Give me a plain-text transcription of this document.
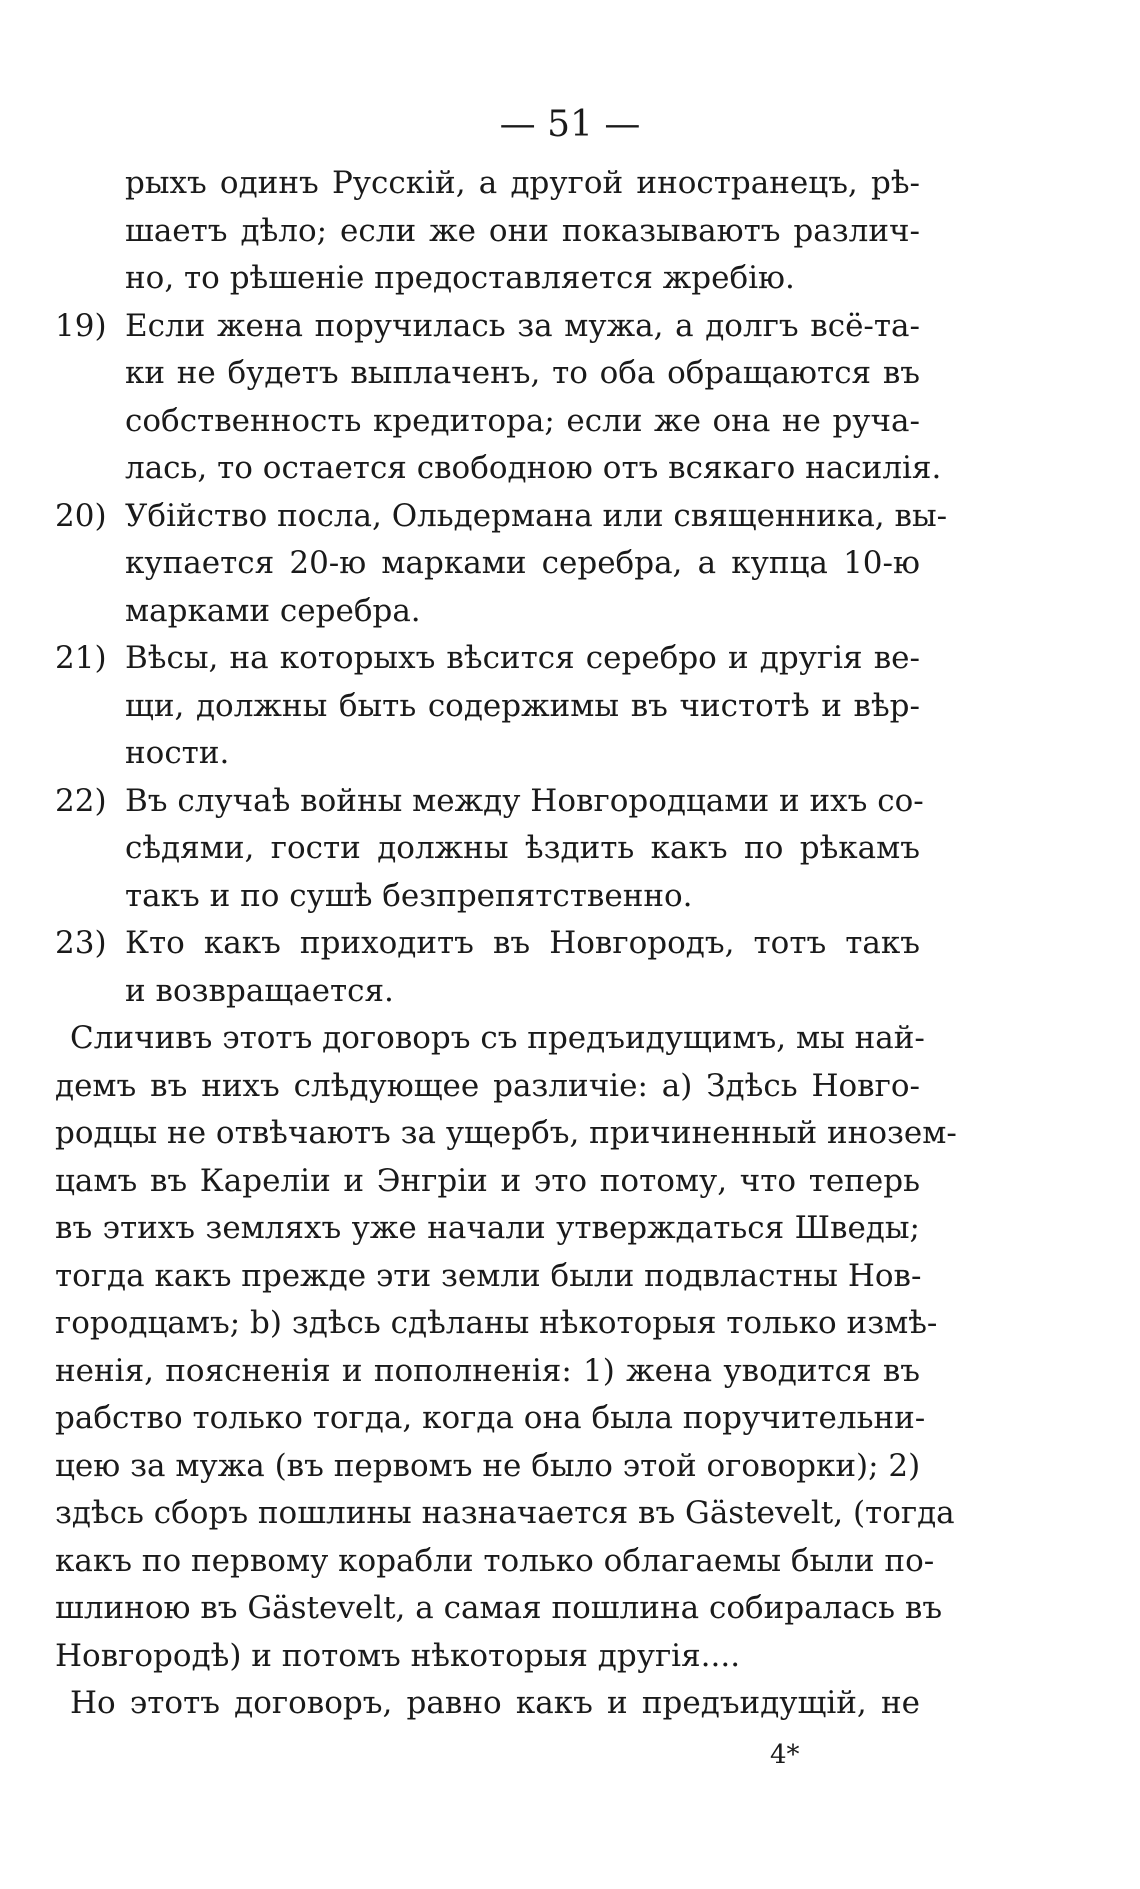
— 51 —
рыхъ одинъ Русскій, а другой иностранецъ, рѣ-
шаетъ дѣло; если же они показываютъ различ-
но, то рѣшеніе предоставляется жребію.
19) Если жена поручилась за мужа, а долгъ всё-та-
ки не будетъ выплаченъ, то оба обращаются въ
собственность кредитора; если же она не руча-
лась, то остается свободною отъ всякаго насилія.
20) Убійство посла, Ольдермана или священника, вы-
купается 20-ю марками серебра, а купца 10-ю
марками серебра.
21) Вѣсы, на которыхъ вѣсится серебро и другія ве-
щи, должны быть содержимы въ чистотѣ и вѣр-
ности.
22) Въ случаѣ войны между Новгородцами и ихъ со-
сѣдями, гости должны ѣздить какъ по рѣкамъ
такъ и по сушѣ безпрепятственно.
23) Кто какъ приходитъ въ Новгородъ, тотъ такъ
и возвращается.
Сличивъ этотъ договоръ съ предъидущимъ, мы най-
демъ въ нихъ слѣдующее различіе: а) Здѣсь Новго-
родцы не отвѣчаютъ за ущербъ, причиненный инозем-
цамъ въ Кареліи и Энгріи и это потому, что теперь
въ этихъ земляхъ уже начали утверждаться Шведы;
тогда какъ прежде эти земли были подвластны Нов-
городцамъ; b) здѣсь сдѣланы нѣкоторыя только измѣ-
ненія, поясненія и пополненія: 1) жена уводится въ
рабство только тогда, когда она была поручительни-
цею за мужа (въ первомъ не было этой оговорки); 2)
здѣсь сборъ пошлины назначается въ Gästevelt, (тогда
какъ по первому корабли только облагаемы были по-
шлиною въ Gästevelt, а самая пошлина собиралась въ
Новгородѣ) и потомъ нѣкоторыя другія....
Но этотъ договоръ, равно какъ и предъидущій, не
4*
